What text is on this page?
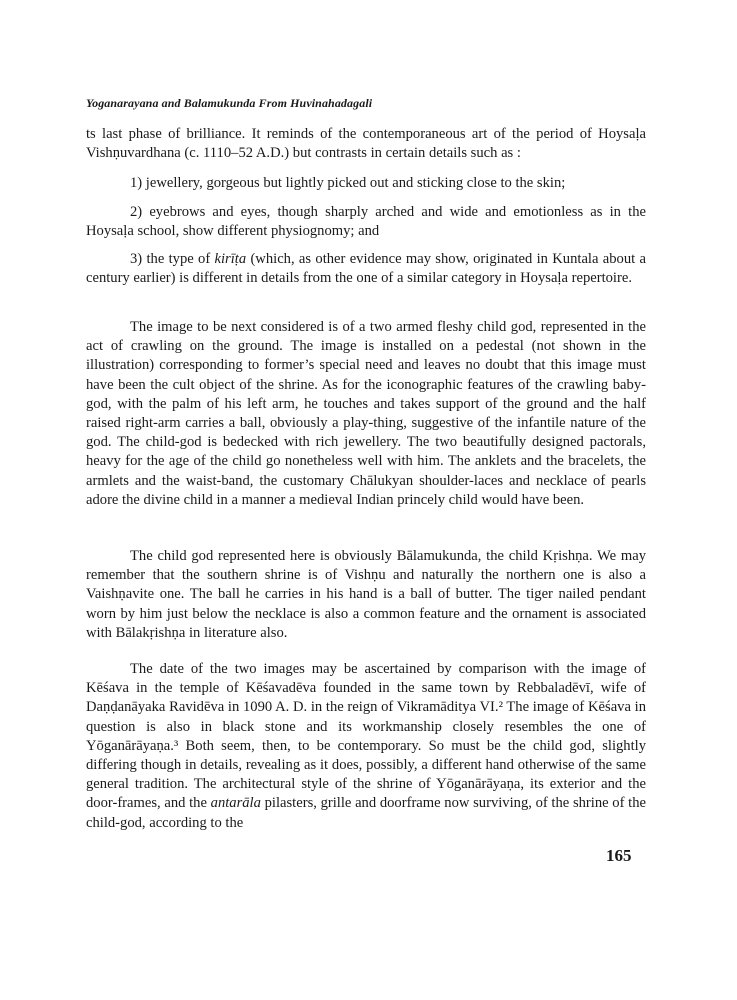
Yoganarayana and Balamukunda From Huvinahadagali

ts last phase of brilliance. It reminds of the contemporaneous art of the period of Hoysaḷa Vishṇuvardhana (c. 1110–52 A.D.) but contrasts in certain details such as :

1) jewellery, gorgeous but lightly picked out and sticking close to the skin;

2) eyebrows and eyes, though sharply arched and wide and emotionless as in the Hoysaḷa school, show different physiognomy; and

3) the type of kirīṭa (which, as other evidence may show, originated in Kuntala about a century earlier) is different in details from the one of a similar category in Hoysaḷa repertoire.

The image to be next considered is of a two armed fleshy child god, represented in the act of crawling on the ground. The image is installed on a pedestal (not shown in the illustration) corresponding to former’s special need and leaves no doubt that this image must have been the cult object of the shrine. As for the iconographic features of the crawling baby-god, with the palm of his left arm, he touches and takes support of the ground and the half raised right-arm carries a ball, obviously a play-thing, suggestive of the infantile nature of the god. The child-god is bedecked with rich jewellery. The two beautifully designed pactorals, heavy for the age of the child go nonetheless well with him. The anklets and the bracelets, the armlets and the waist-band, the customary Chālukyan shoulder-laces and necklace of pearls adore the divine child in a manner a medieval Indian princely child would have been.

The child god represented here is obviously Bālamukunda, the child Kṛishṇa. We may remember that the southern shrine is of Vishṇu and naturally the northern one is also a Vaishṇavite one. The ball he carries in his hand is a ball of butter. The tiger nailed pendant worn by him just below the necklace is also a common feature and the ornament is associated with Bālakṛishṇa in literature also.

The date of the two images may be ascertained by comparison with the image of Kēśava in the temple of Kēśavadēva founded in the same town by Rebbaladēvī, wife of Daṇḍanāyaka Ravidēva in 1090 A. D. in the reign of Vikramāditya VI.² The image of Kēśava in question is also in black stone and its workmanship closely resembles the one of Yōganārāyaṇa.³ Both seem, then, to be contemporary. So must be the child god, slightly differing though in details, revealing as it does, possibly, a different hand otherwise of the same general tradition. The architectural style of the shrine of Yōganārāyaṇa, its exterior and the door-frames, and the antarāla pilasters, grille and doorframe now surviving, of the shrine of the child-god, according to the

165
